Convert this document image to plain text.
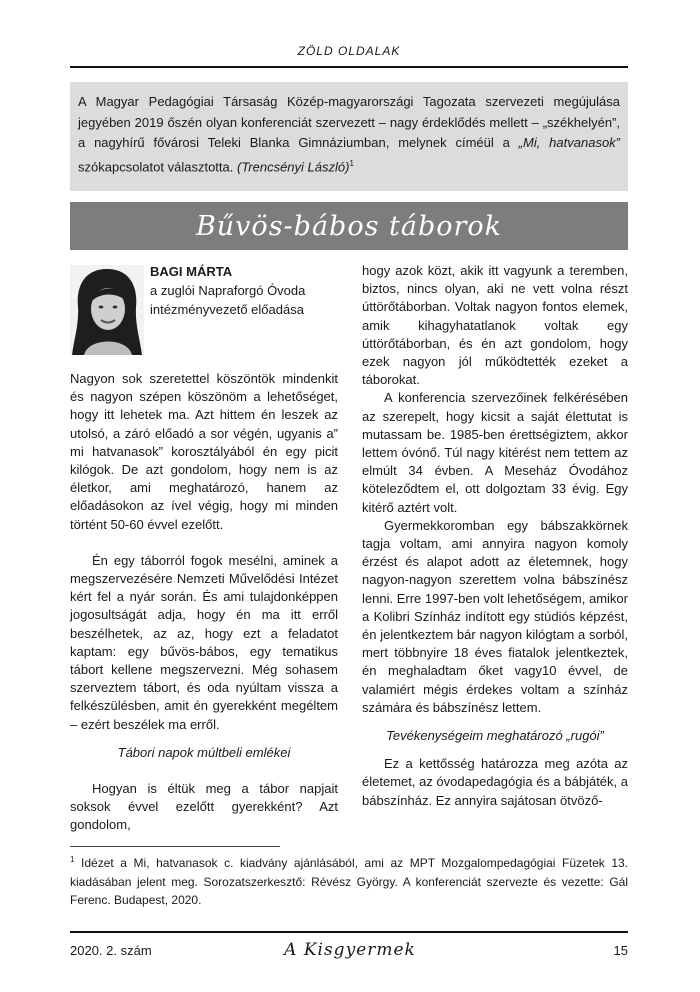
ZÖLD OLDALAK

A Magyar Pedagógiai Társaság Közép-magyarországi Tagozata szervezeti megújulása jegyében 2019 őszén olyan konferenciát szervezett – nagy érdeklődés mellett – „székhelyén”, a nagyhírű fővárosi Teleki Blanka Gimnáziumban, melynek címéül a „Mi, hatvanasok” szókapcsolatot választotta. (Trencsényi László)$^1$

Bűvös-bábos táborok
BAGI MÁRTA
a zuglói Napraforgó Óvoda intézményvezető előadása

Nagyon sok szeretettel köszöntök mindenkit és nagyon szépen köszönöm a lehetőséget, hogy itt lehetek ma. Azt hittem én leszek az utolsó, a záró előadó a sor végén, ugyanis a” mi hatvanasok” korosztályából én egy picit kilógok. De azt gondolom, hogy nem is az életkor, ami meghatározó, hanem az előadásokon az ível végig, hogy mi minden történt 50-60 évvel ezelőtt.

Én egy táborról fogok mesélni, aminek a megszervezésére Nemzeti Művelődési Intézet kért fel a nyár során. És ami tulajdonképpen jogosultságát adja, hogy én ma itt erről beszélhetek, az az, hogy ezt a feladatot kaptam: egy bűvös-bábos, egy tematikus tábort kellene megszervezni. Még sohasem szerveztem tábort, és oda nyúltam vissza a felkészülésben, amit én gyerekként megéltem – ezért beszélek ma erről.

Tábori napok múltbeli emlékei

Hogyan is éltük meg a tábor napjait soksok évvel ezelőtt gyerekként? Azt gondolom,

hogy azok közt, akik itt vagyunk a teremben, biztos, nincs olyan, aki ne vett volna részt úttörőtáborban. Voltak nagyon fontos elemek, amik kihagyhatatlanok voltak egy úttörőtáborban, és én azt gondolom, hogy ezek nagyon jól működtették ezeket a táborokat.

A konferencia szervezőinek felkérésében az szerepelt, hogy kicsit a saját élettutat is mutassam be. 1985-ben érettségiztem, akkor lettem óvónő. Túl nagy kitérést nem tettem az elmúlt 34 évben. A Meseház Óvodához köteleződtem el, ott dolgoztam 33 évig. Egy kitérő aztért volt.

Gyermekkoromban egy bábszakkörnek tagja voltam, ami annyira nagyon komoly érzést és alapot adott az életemnek, hogy nagyon-nagyon szerettem volna bábszínész lenni. Erre 1997-ben volt lehetőségem, amikor a Kolibri Színház indított egy stúdiós képzést, én jelentkeztem bár nagyon kilógtam a sorból, mert többnyire 18 éves fiatalok jelentkeztek, én meghaladtam őket vagy10 évvel, de valamiért mégis érdekes voltam a színház számára és bábszínész lettem.

Tevékenységeim meghatározó „rugói”

Ez a kettősség határozza meg azóta az életemet, az óvodapedagógia és a bábjáték, a bábszínház. Ez annyira sajátosan ötvöző-

$^1$ Idézet a Mi, hatvanasok c. kiadvány ajánlásából, ami az MPT Mozgalompedagógiai Füzetek 13. kiadásában jelent meg. Sorozatszerkesztő: Révész György. A konferenciát szervezte és vezette: Gál Ferenc. Budapest, 2020.
2020. 2. szám	A Kisgyermek	15
